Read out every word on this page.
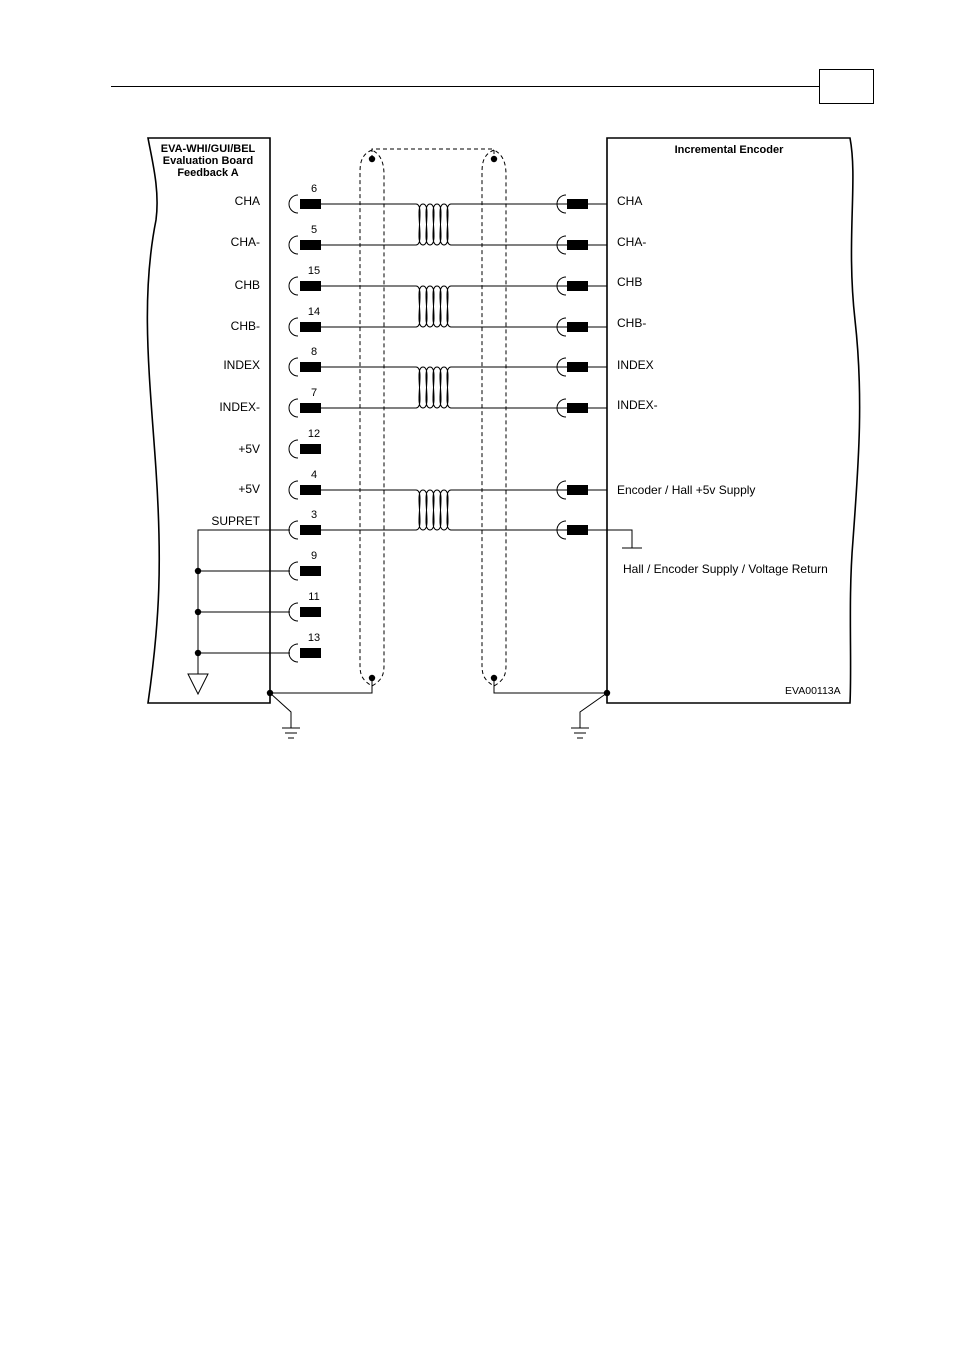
EVA-WHI/GUI/BEL
Evaluation Board
Feedback A
Incremental Encoder
Hall / Encoder Supply / Voltage Return
EVA00113A
6
CHA
5
CHA-
15
CHB
14
CHB-
8
INDEX
7
INDEX-
12
+5V
4
+5V
3
SUPRET
9
11
13
CHA
CHA-
CHB
CHB-
INDEX
INDEX-
Encoder / Hall +5v Supply
